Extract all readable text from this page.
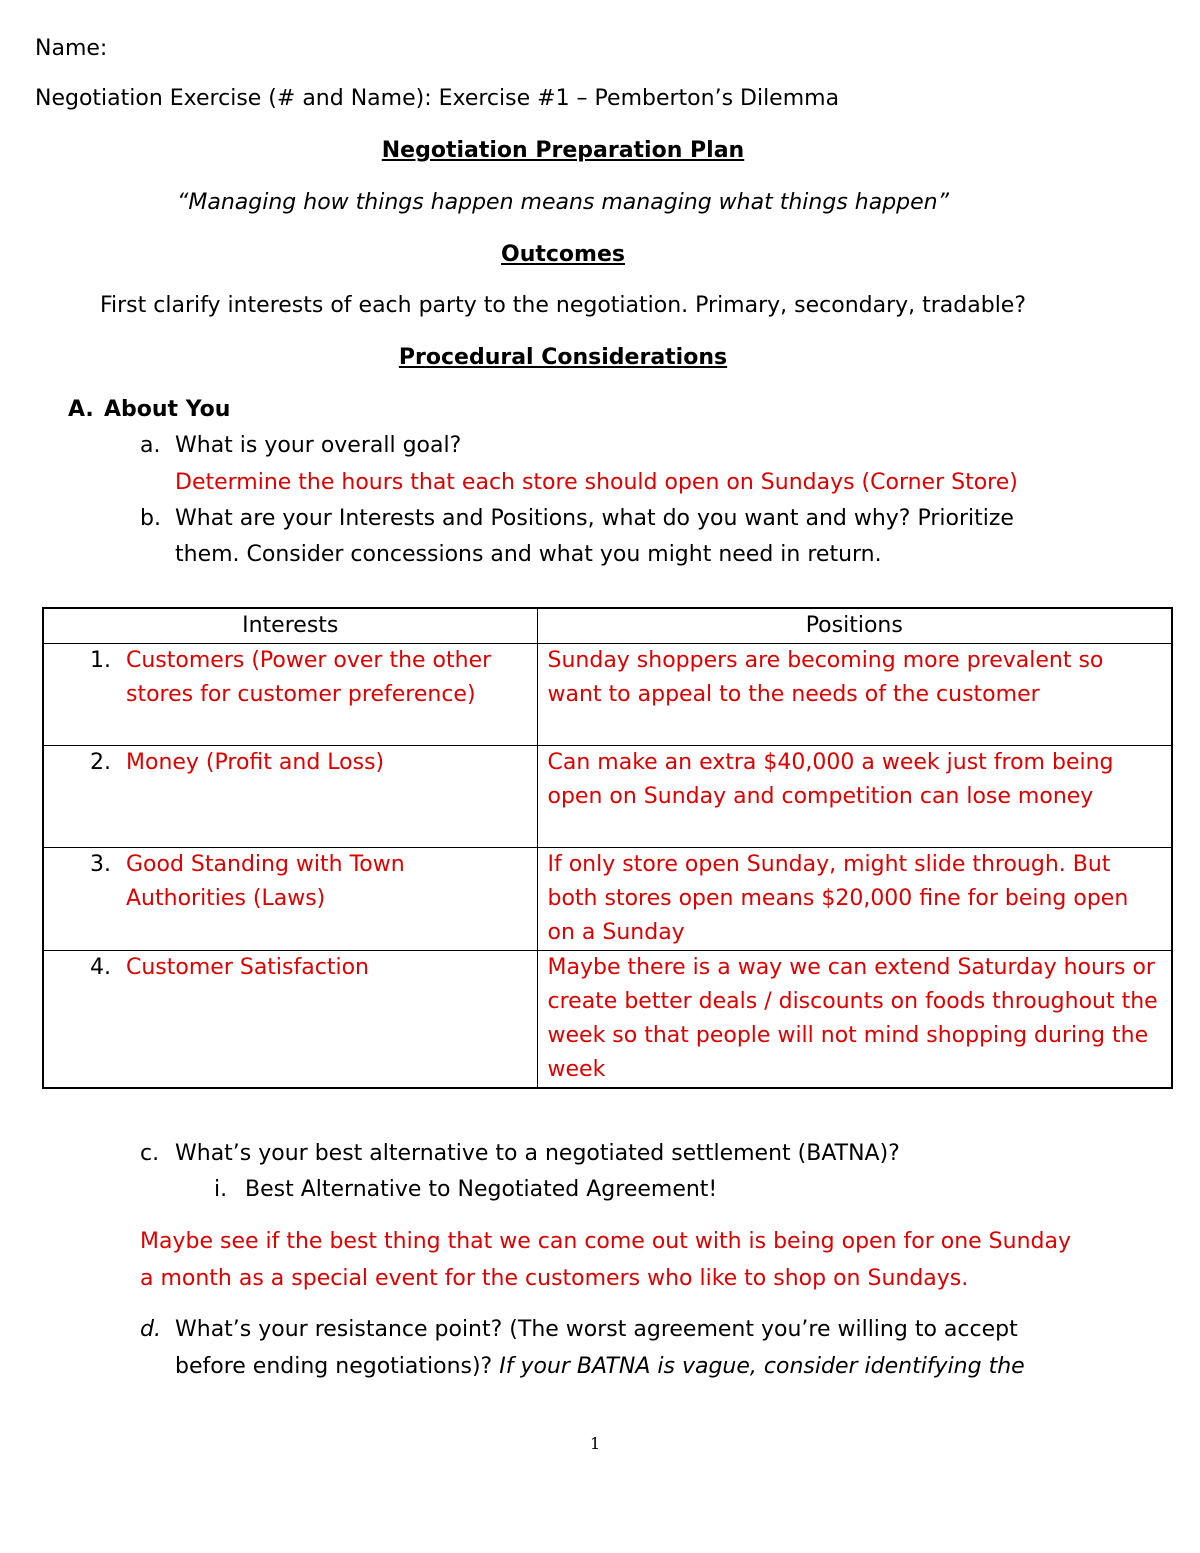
Name:
Negotiation Exercise (# and Name): Exercise #1 – Pemberton’s Dilemma
Negotiation Preparation Plan
“Managing how things happen means managing what things happen”
Outcomes
First clarify interests of each party to the negotiation. Primary, secondary, tradable?
Procedural Considerations
A. About You
a. What is your overall goal?
Determine the hours that each store should open on Sundays (Corner Store)
b. What are your Interests and Positions, what do you want and why? Prioritize
them. Consider concessions and what you might need in return.
Interests	Positions

1. Customers (Power over the other stores for customer preference)	Sunday shoppers are becoming more prevalent so want to appeal to the needs of the customer

2. Money (Profit and Loss)	Can make an extra $40,000 a week just from being open on Sunday and competition can lose money

3. Good Standing with Town Authorities (Laws)	If only store open Sunday, might slide through. But both stores open means $20,000 fine for being open on a Sunday

4. Customer Satisfaction	Maybe there is a way we can extend Saturday hours or create better deals / discounts on foods throughout the week so that people will not mind shopping during the week
c. What’s your best alternative to a negotiated settlement (BATNA)?
i. Best Alternative to Negotiated Agreement!
Maybe see if the best thing that we can come out with is being open for one Sunday
a month as a special event for the customers who like to shop on Sundays.
d. What’s your resistance point? (The worst agreement you’re willing to accept
before ending negotiations)? If your BATNA is vague, consider identifying the
1
